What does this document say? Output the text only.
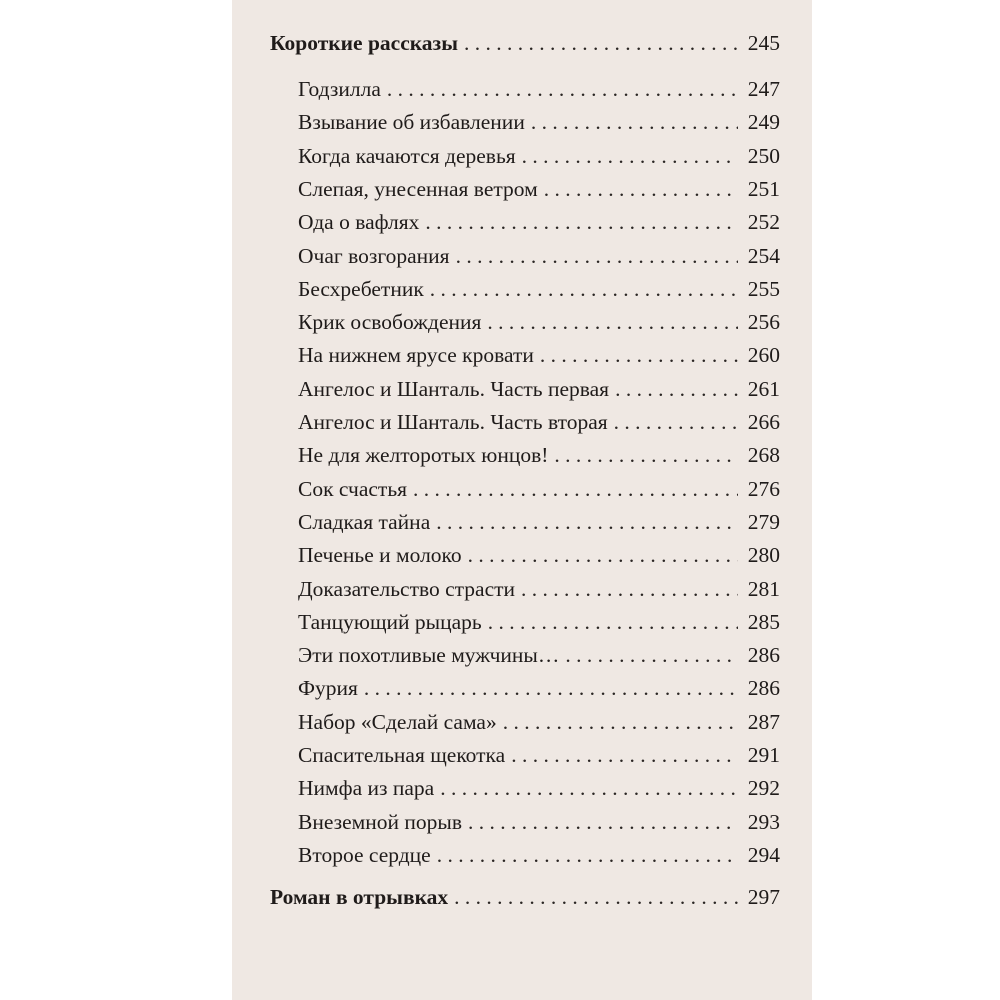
Короткие рассказы . . .	245
Годзилла . . .	247
Взывание об избавлении . . .	249
Когда качаются деревья . . .	250
Слепая, унесенная ветром . . .	251
Ода о вафлях . . .	252
Очаг возгорания . . .	254
Бесхребетник . . .	255
Крик освобождения . . .	256
На нижнем ярусе кровати . . .	260
Ангелос и Шанталь. Часть первая . . .	261
Ангелос и Шанталь. Часть вторая . . .	266
Не для желторотых юнцов! . . .	268
Сок счастья . . .	276
Сладкая тайна . . .	279
Печенье и молоко . . .	280
Доказательство страсти . . .	281
Танцующий рыцарь . . .	285
Эти похотливые мужчины… . . .	286
Фурия . . .	286
Набор «Сделай сама» . . .	287
Спасительная щекотка . . .	291
Нимфа из пара . . .	292
Внеземной порыв . . .	293
Второе сердце . . .	294
Роман в отрывках . . .	297
